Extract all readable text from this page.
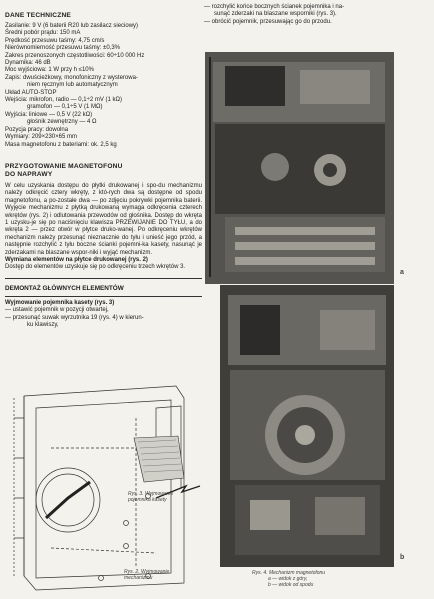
DANE TECHNICZNE
Zasilanie: 9 V (6 baterii R20 lub zasilacz sieciowy)
Średni pobór prądu: 150 mA
Prędkość przesuwu taśmy: 4,75 cm/s
Nierównomierność przesuwu taśmy: ±0,3%
Zakres przenoszonych częstotliwości: 60÷10 000 Hz
Dynamika: 46 dB
Moc wyjściowa: 1 W przy h ≤10%
Zapis: dwuścieżkowy, monofoniczny z wysterowa-
niem ręcznym lub automatycznym
Układ AUTO-STOP
Wejścia: mikrofon, radio — 0,1÷2 mV (1 kΩ)
gramofon — 0,1÷5 V (1 MΩ)
Wyjścia: liniowe — 0,5 V (22 kΩ)
głośnik zewnętrzny — 4 Ω
Pozycja pracy: dowolna
Wymiary: 209×230×65 mm
Masa magnetofonu z bateriami: ok. 2,5 kg
PRZYGOTOWANIE MAGNETOFONU
DO NAPRAWY
W celu uzyskania dostępu do płytki drukowanej i spo-du mechanizmu należy odkręcić cztery wkręty, z któ-rych dwa są dostępne od spodu magnetofonu, a po-zostałe dwa — po zdjęciu pokrywki pojemnika baterii. Wyjęcie mechanizmu z płytką drukowaną wymaga odkręcenia czterech wkrętów (rys. 2) i odlutowania przewodów od głośnika. Dostęp do wkręta 1 uzysku-je się po naciśnięciu klawisza PRZEWIJANIE DO TYŁU, a do wkręta 2 — przez otwór w płytce druko-wanej. Po odkręceniu wkrętów mechanizm należy przesunąć nieznacznie do tyłu i unieść jego przód, a następnie rozchylić z tyłu boczne ścianki pojemni-ka kasety, nasunąć je zderzakami na blaszane wspor-niki i wyjąć mechanizm.
Wymiana elementów na płytce drukowanej (rys. 2)
Dostęp do elementów uzyskuje się po odkręceniu trzech wkrętów 3.
DEMONTAŻ GŁÓWNYCH ELEMENTÓW
Wyjmowanie pojemnika kasety (rys. 3)
— ustawić pojemnik w pozycji otwartej,
— przesunąć suwak wyrzutnika 19 (rys. 4) w kierun-
ku klawiszy,
Rys. 3. Wyjmowanie pojemnika kasety
Rys. 2. Wyjmowanie mechanizmu
— rozchylić końce bocznych ścianek pojemnika i na-
sunąć zderzaki na blaszane wsporniki (rys. 3).
— obrócić pojemnik, przesuwając go do przodu.
a
b
Rys. 4. Mechanizm magnetofonu
a — widok z góry,
b — widok od spodu
